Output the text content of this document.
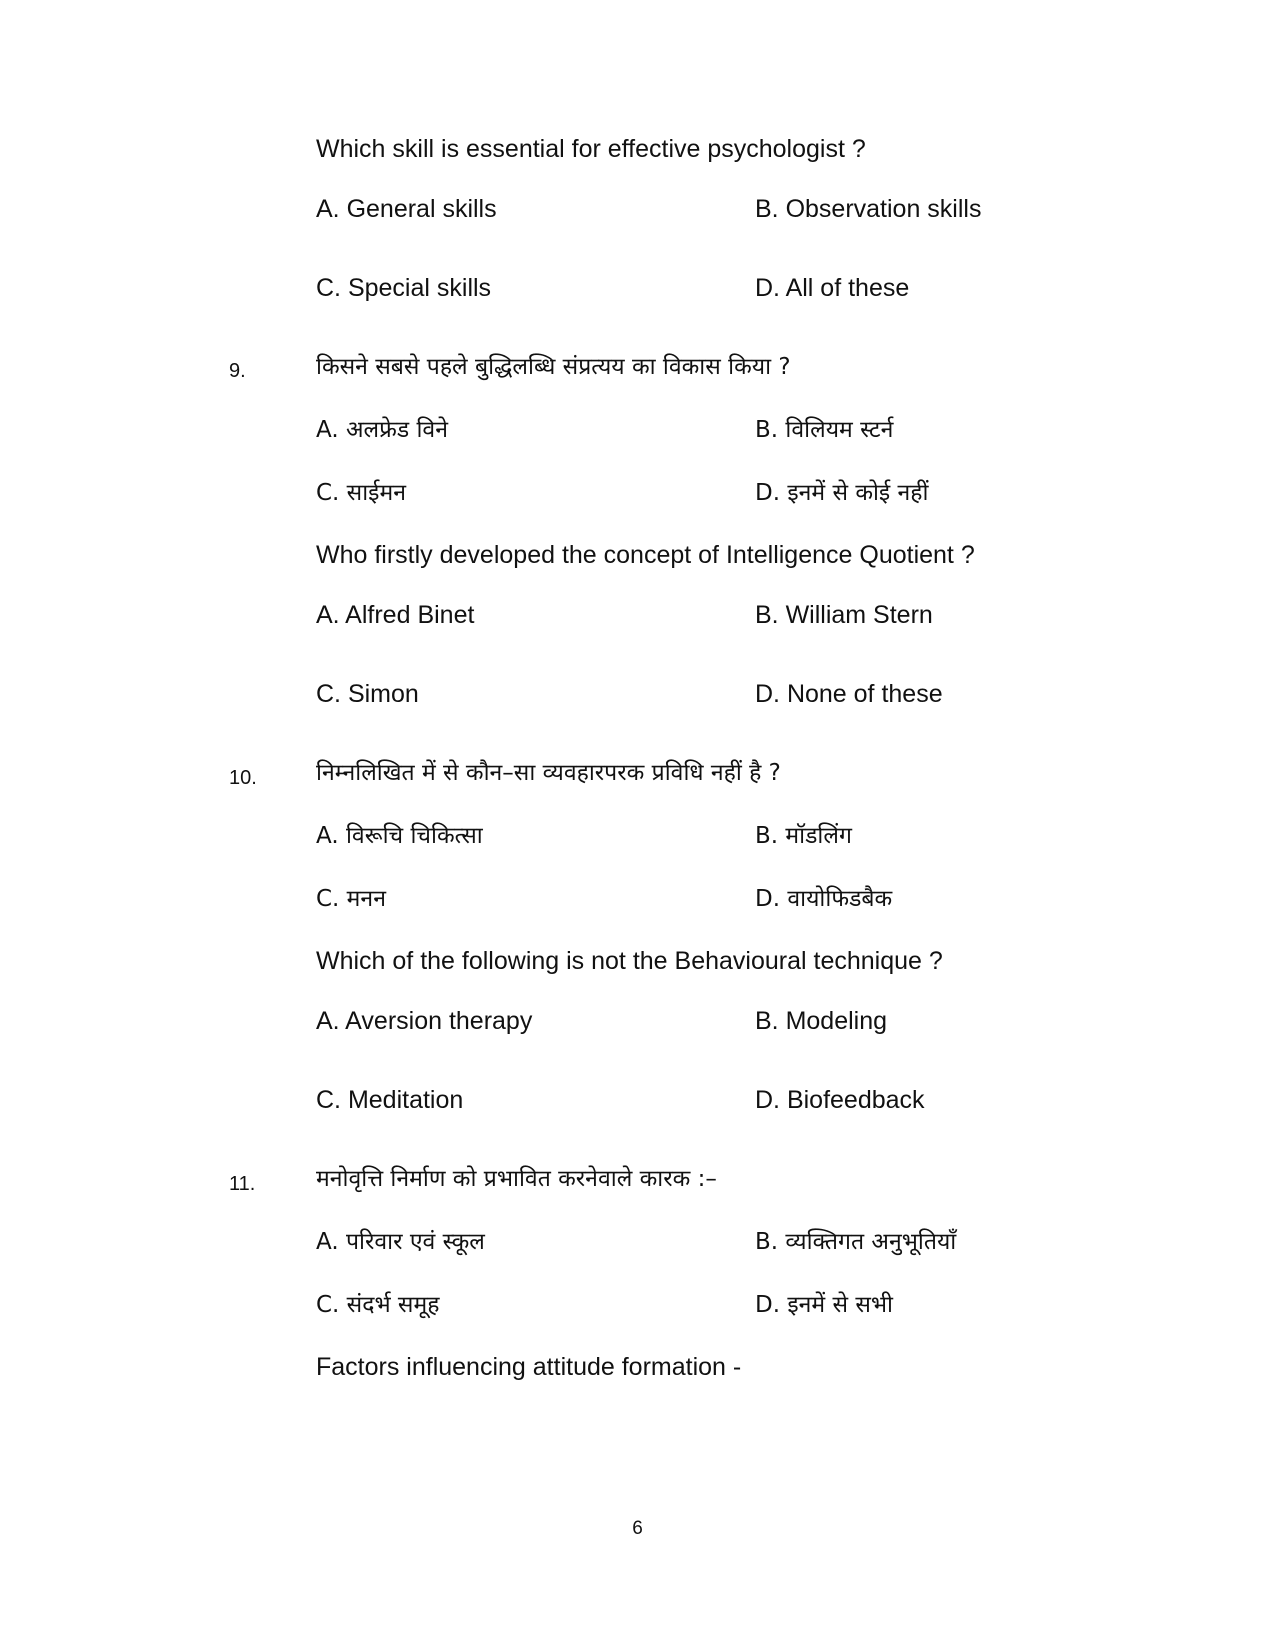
Which skill is essential for effective psychologist ?
A. General skills	B. Observation skills
C. Special skills	D. All of these
9.	किसने सबसे पहले बुद्धिलब्धि संप्रत्यय का विकास किया ?
A. अलफ्रेड विने	B. विलियम स्टर्न
C. साईमन	D. इनमें से कोई नहीं
Who firstly developed the concept of Intelligence Quotient ?
A. Alfred Binet	B. William Stern
C. Simon	D. None of these
10.	निम्नलिखित में से कौन–सा व्यवहारपरक प्रविधि नहीं है ?
A. विरूचि चिकित्सा	B. मॉडलिंग
C. मनन	D. वायोफिडबैक
Which of the following is not the Behavioural technique ?
A. Aversion therapy	B. Modeling
C. Meditation	D. Biofeedback
11.	मनोवृत्ति निर्माण को प्रभावित करनेवाले कारक :–
A. परिवार एवं स्कूल	B. व्यक्तिगत अनुभूतियाँ
C. संदर्भ समूह	D. इनमें से सभी
Factors influencing attitude formation -
6
